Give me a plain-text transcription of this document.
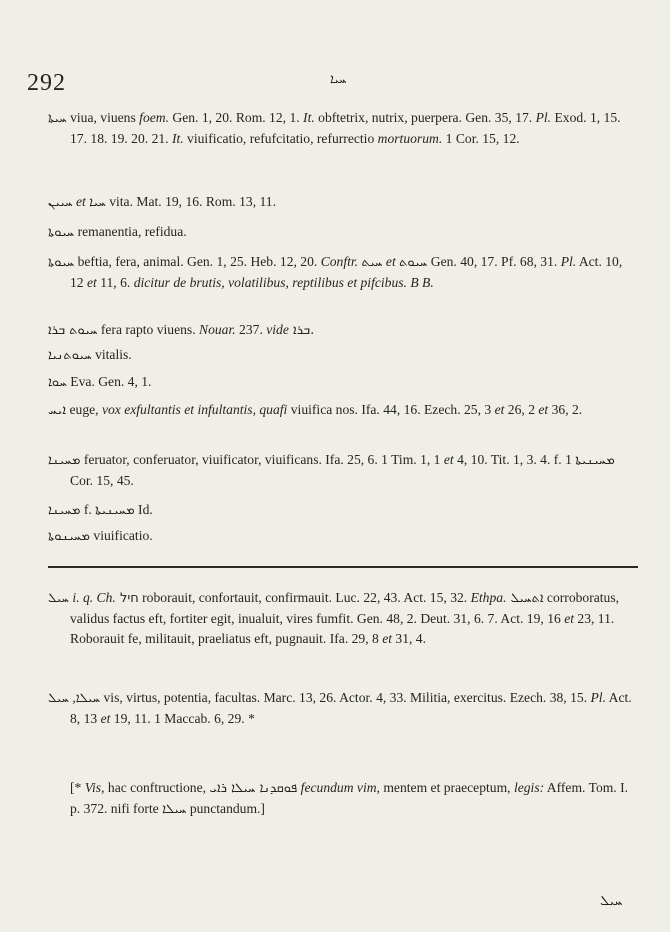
292	ܚܝܐ
ܚܝܬܐ viua, viuens foem. Gen. 1, 20. Rom. 12, 1. It. obftetrix, nutrix, puerpera. Gen. 35, 17. Pl. Exod. 1, 15. 17. 18. 19. 20. 21. It. viuificatio, refufcitatio, refurrectio mortuorum. 1 Cor. 15, 12.
ܚܝܝܢ et ܚܝܐ vita. Mat. 19, 16. Rom. 13, 11.
ܚܝܘܬܐ remanentia, refidua.
ܚܝܘܬܐ beftia, fera, animal. Gen. 1, 25. Heb. 12, 20. Conftr. ܚܝܬ et ܚܝܘܬ Gen. 40, 17. Pf. 68, 31. Pl. Act. 10, 12 et 11, 6. dicitur de brutis, volatilibus, reptilibus et pifcibus. B B.
ܚܝܘܬ ܒܪܐ fera rapto viuens. Nouar. 237. vide ܒܪܐ.
ܚܝܘܬܢܝܐ vitalis.
ܚܘܐ Eva. Gen. 4, 1.
ܐܝܚ euge, vox exfultantis et infultantis, quafi viuifica nos. Ifa. 44, 16. Ezech. 25, 3 et 26, 2 et 36, 2.
ܡܚܝܢܐ feruator, conferuator, viuificator, viuificans. Ifa. 25, 6. 1 Tim. 1, 1 et 4, 10. Tit. 1, 3. 4. f. ܡܚܝܢܝܬܐ 1 Cor. 15, 45.
ܡܚܝܢܐ f. ܡܚܝܢܝܬܐ Id.
ܡܚܝܢܘܬܐ viuificatio.
ܚܝܠ i. q. Ch. חיל roborauit, confortauit, confirmauit. Luc. 22, 43. Act. 15, 32. Ethpa. ܐܬܚܝܠ corroboratus, validus factus eft, fortiter egit, inualuit, vires fumfit. Gen. 48, 2. Deut. 31, 6. 7. Act. 19, 16 et 23, 11. Roborauit fe, militauit, praeliatus eft, pugnauit. Ifa. 29, 8 et 31, 4.
ܚܝܠܐ, ܚܝܠ vis, virtus, potentia, facultas. Marc. 13, 26. Actor. 4, 33. Militia, exercitus. Ezech. 38, 15. Pl. Act. 8, 13 et 19, 11. 1 Maccab. 6, 29. *
[* Vis, hac conftructione, ܦܘܩܕܢܐ ܚܝܠܐ ܪܐܝ fecundum vim, mentem et praeceptum, legis: Affem. Tom. I. p. 372. nifi forte ܚܝܠܐ punctandum.]
ܚܝܠ
